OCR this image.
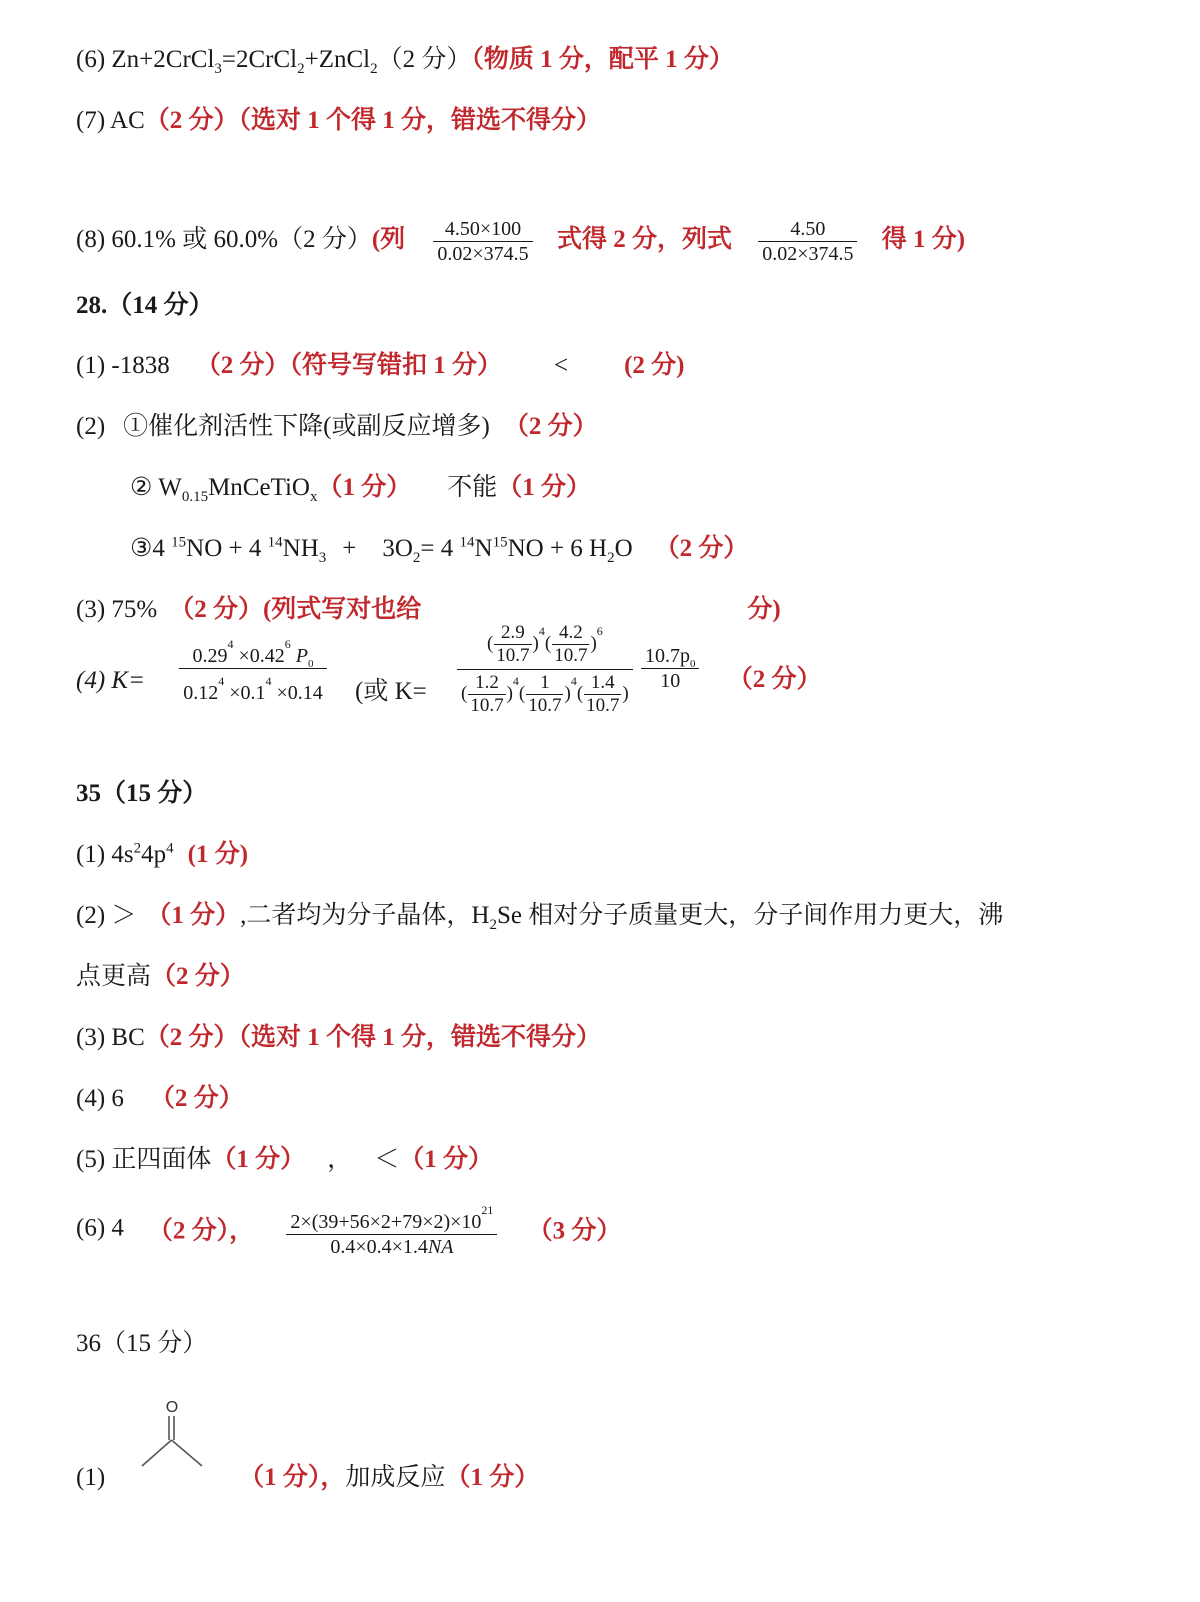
(6) Zn+2CrCl$_3$=2CrCl$_2$+ZnCl$_2$（2 分）（物质 1 分，配平 1 分）
(7) AC（2 分）（选对 1 个得 1 分，错选不得分）
(8) 60.1% 或 60.0%（2 分）(列 $\frac{4.50\times 100}{0.02\times 374.5}$ 式得 2 分，列式 $\frac{4.50}{0.02\times 374.5}$ 得 1 分)
28.（14 分）
(1) -1838 （2 分）（符号写错扣 1 分） < (2 分)
(2) ①催化剂活性下降(或副反应增多) （2 分）
② $W_{0.15}MnCeTiO_x(1$ 分） 不能（1 分）
③4 $^{15}$NO + 4 $^{14}NH_3 + 3O_2= 4$ $^{14}N^{15}NO + 6$ $H_2O$ （2 分）
(3) 75% （2 分）(列式写对也给	分)
(4) $K= \frac{0.29^4 \times 0.42^6 P_0}{0.12^4 \times 0.1^4 \times 0.14}$ (或 $K= \frac{( \frac{2.9}{10.7} )^4( \frac{4.2}{10.7} )^6}{( \frac{1.2}{10.7} )^4( \frac{1}{10.7} )^4( \frac{1.4}{10.7} )}$
$\frac{10.7p_0}{10} (2$ 分）
35（15 分）
(1) $4s^24p^4$ (1 分)
(2) ＞ （1 分）,二者均为分子晶体，$H_2Se$ 相对分子质量更大，分子间作用力更大，沸
点更高（2 分）
(3) BC（2 分）（选对 1 个得 1 分，错选不得分）
(4) 6 （2 分）
(5) 正四面体（1 分） ， ＜（1 分）
(6) 4 （2 分）， $\frac{2\times(39+56\times 2+79\times 2)\times 10^{21}}{0.4\times 0.4\times 1.4NA} (3$ 分）
36（15 分）
O
(1)	（1 分），加成反应（1 分）
